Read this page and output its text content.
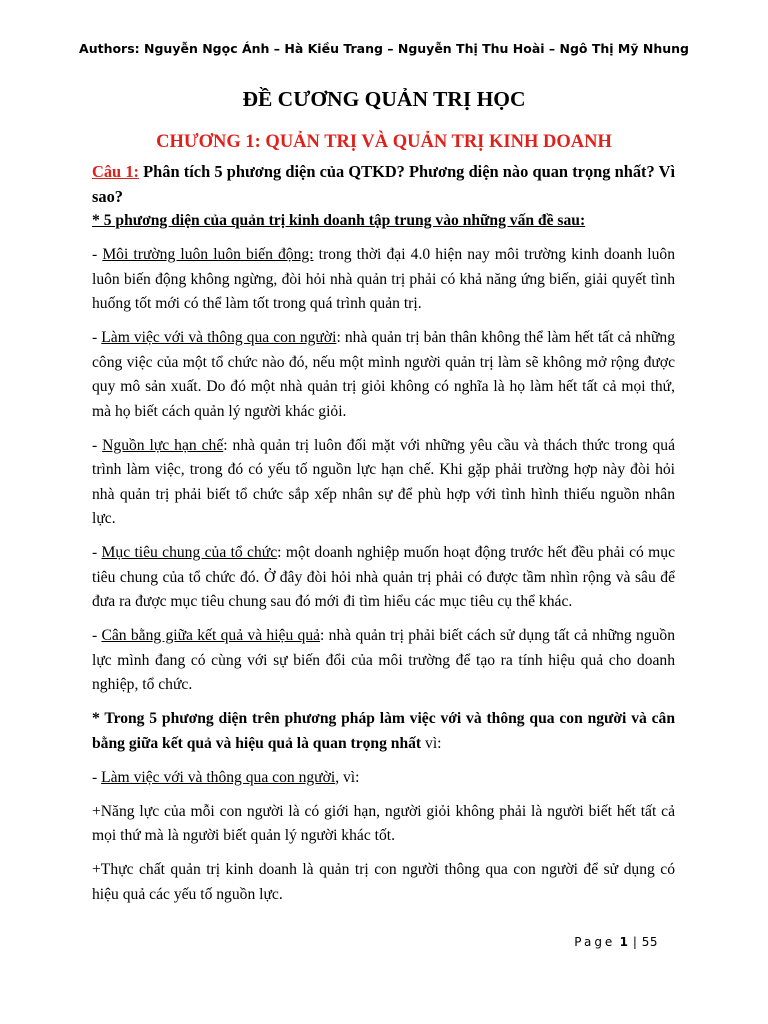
Authors: Nguyễn Ngọc Ánh – Hà Kiều Trang – Nguyễn Thị Thu Hoài – Ngô Thị Mỹ Nhung
ĐỀ CƯƠNG QUẢN TRỊ HỌC
CHƯƠNG 1: QUẢN TRỊ VÀ QUẢN TRỊ KINH DOANH

Câu 1: Phân tích 5 phương diện của QTKD? Phương diện nào quan trọng nhất? Vì sao?

* 5 phương diện của quản trị kinh doanh tập trung vào những vấn đề sau:

- Môi trường luôn luôn biến động: trong thời đại 4.0 hiện nay môi trường kinh doanh luôn luôn biến động không ngừng, đòi hỏi nhà quản trị phải có khả năng ứng biến, giải quyết tình huống tốt mới có thể làm tốt trong quá trình quản trị.

- Làm việc với và thông qua con người: nhà quản trị bản thân không thể làm hết tất cả những công việc của một tổ chức nào đó, nếu một mình người quản trị làm sẽ không mở rộng được quy mô sản xuất. Do đó một nhà quản trị giỏi không có nghĩa là họ làm hết tất cả mọi thứ, mà họ biết cách quản lý người khác giỏi.

- Nguồn lực hạn chế: nhà quản trị luôn đối mặt với những yêu cầu và thách thức trong quá trình làm việc, trong đó có yếu tố nguồn lực hạn chế. Khi gặp phải trường hợp này đòi hỏi nhà quản trị phải biết tổ chức sắp xếp nhân sự để phù hợp với tình hình thiếu nguồn nhân lực.

- Mục tiêu chung của tổ chức: một doanh nghiệp muốn hoạt động trước hết đều phải có mục tiêu chung của tổ chức đó. Ở đây đòi hỏi nhà quản trị phải có được tầm nhìn rộng và sâu để đưa ra được mục tiêu chung sau đó mới đi tìm hiểu các mục tiêu cụ thể khác.

- Cân bằng giữa kết quả và hiệu quả: nhà quản trị phải biết cách sử dụng tất cả những nguồn lực mình đang có cùng với sự biến đổi của môi trường để tạo ra tính hiệu quả cho doanh nghiệp, tổ chức.

* Trong 5 phương diện trên phương pháp làm việc với và thông qua con người và cân bằng giữa kết quả và hiệu quả là quan trọng nhất vì:

- Làm việc với và thông qua con người, vì:

+Năng lực của mỗi con người là có giới hạn, người giỏi không phải là người biết hết tất cả mọi thứ mà là người biết quản lý người khác tốt.

+Thực chất quản trị kinh doanh là quản trị con người thông qua con người để sử dụng có hiệu quả các yếu tố nguồn lực.

Page 1 | 55
